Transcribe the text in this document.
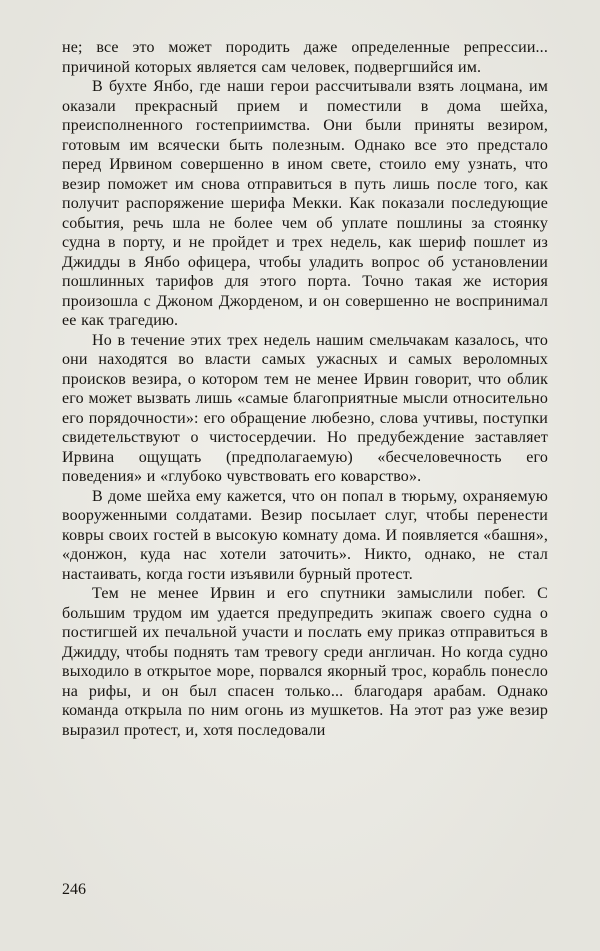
не; все это может породить даже определенные репрессии... причиной которых является сам человек, подвергшийся им.

В бухте Янбо, где наши герои рассчитывали взять лоцмана, им оказали прекрасный прием и поместили в дома шейха, преисполненного гостеприимства. Они были приняты везиром, готовым им всячески быть полезным. Однако все это предстало перед Ирвином совершенно в ином свете, стоило ему узнать, что везир поможет им снова отправиться в путь лишь после того, как получит распоряжение шерифа Мекки. Как показали последующие события, речь шла не более чем об уплате пошлины за стоянку судна в порту, и не пройдет и трех недель, как шериф пошлет из Джидды в Янбо офицера, чтобы уладить вопрос об установлении пошлинных тарифов для этого порта. Точно такая же история произошла с Джоном Джорденом, и он совершенно не воспринимал ее как трагедию.

Но в течение этих трех недель нашим смельчакам казалось, что они находятся во власти самых ужасных и самых вероломных происков везира, о котором тем не менее Ирвин говорит, что облик его может вызвать лишь «самые благоприятные мысли относительно его порядочности»: его обращение любезно, слова учтивы, поступки свидетельствуют о чистосердечии. Но предубеждение заставляет Ирвина ощущать (предполагаемую) «бесчеловечность его поведения» и «глубоко чувствовать его коварство».

В доме шейха ему кажется, что он попал в тюрьму, охраняемую вооруженными солдатами. Везир посылает слуг, чтобы перенести ковры своих гостей в высокую комнату дома. И появляется «башня», «донжон, куда нас хотели заточить». Никто, однако, не стал настаивать, когда гости изъявили бурный протест.

Тем не менее Ирвин и его спутники замыслили побег. С большим трудом им удается предупредить экипаж своего судна о постигшей их печальной участи и послать ему приказ отправиться в Джидду, чтобы поднять там тревогу среди англичан. Но когда судно выходило в открытое море, порвался якорный трос, корабль понесло на рифы, и он был спасен только... благодаря арабам. Однако команда открыла по ним огонь из мушкетов. На этот раз уже везир выразил протест, и, хотя последовали

246
